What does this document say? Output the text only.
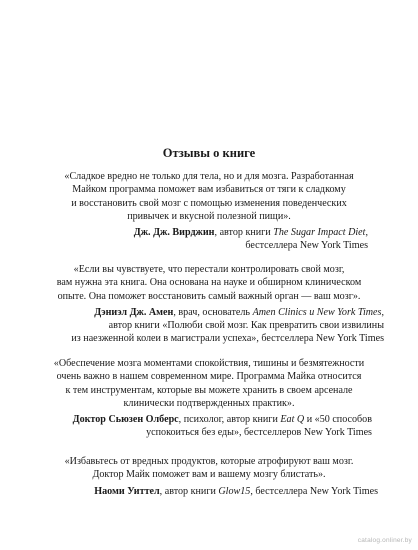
Отзывы о книге
«Сладкое вредно не только для тела, но и для мозга. Разработанная
Майком программа поможет вам избавиться от тяги к сладкому
и восстановить свой мозг с помощью изменения поведенческих
привычек и вкусной полезной пищи».
Дж. Дж. Вирджин, автор книги The Sugar Impact Diet,
бестселлера New York Times
«Если вы чувствуете, что перестали контролировать свой мозг,
вам нужна эта книга. Она основана на науке и обширном клиническом
опыте. Она поможет восстановить самый важный орган — ваш мозг».
Дэниэл Дж. Амен, врач, основатель Amen Clinics и New York Times,
автор книги «Полюби свой мозг. Как превратить свои извилины
из наезженной колеи в магистрали успеха», бестселлера New York Times
«Обеспечение мозга моментами спокойствия, тишины и безмятежности
очень важно в нашем современном мире. Программа Майка относится
к тем инструментам, которые вы можете хранить в своем арсенале
клинически подтвержденных практик».
Доктор Сьюзен Олберс, психолог, автор книги Eat Q и «50 способов
успокоиться без еды», бестселлеров New York Times
«Избавьтесь от вредных продуктов, которые атрофируют ваш мозг.
Доктор Майк поможет вам и вашему мозгу блистать».
Наоми Уиттел, автор книги Glow15, бестселлера New York Times
catalog.onliner.by
